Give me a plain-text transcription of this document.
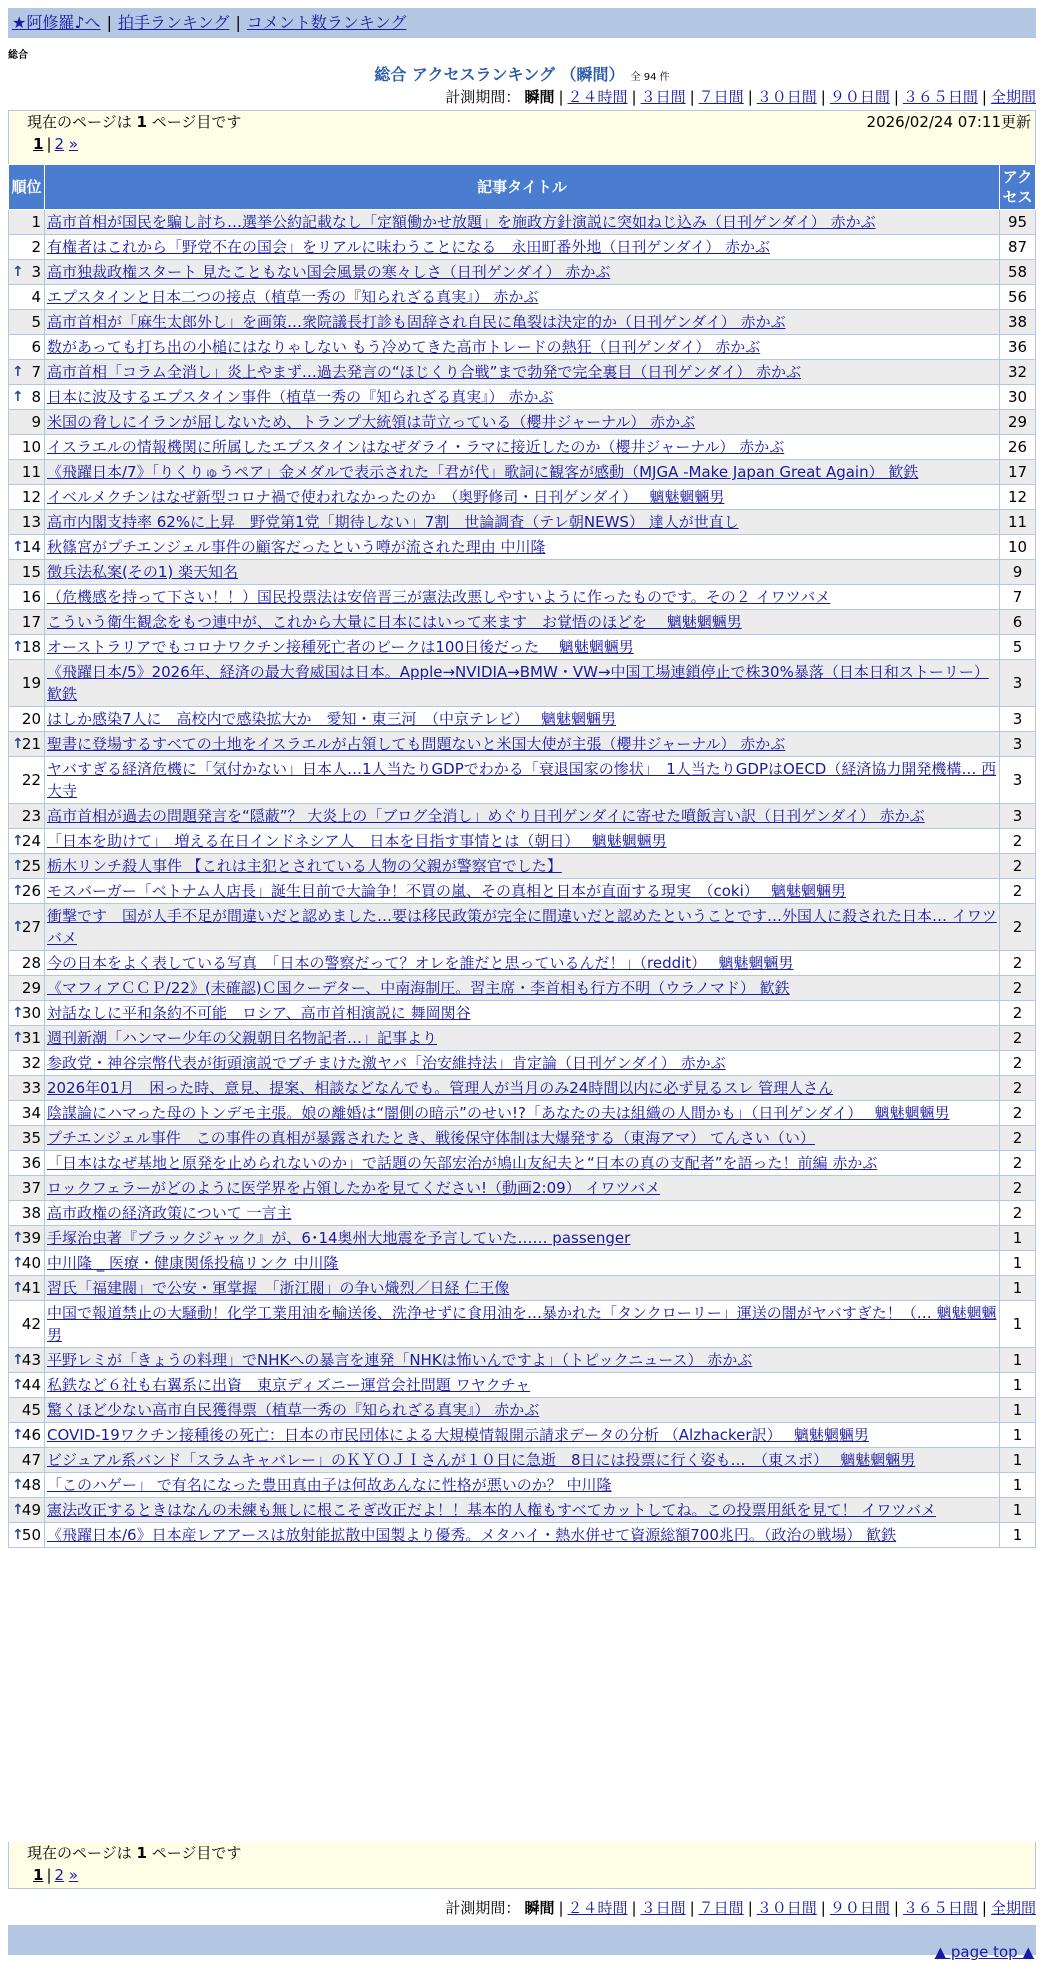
★阿修羅♪へ | 拍手ランキング | コメント数ランキング
総合
総合 アクセスランキング （瞬間） 全 94 件
計測期間： 瞬間 | ２４時間 | ３日間 | ７日間 | ３０日間 | ９０日間 | ３６５日間 | 全期間
現在のページは 1 ページ目です	2026/02/24 07:11更新
1 | 2 »
順位	記事タイトル	アクセス
1	高市首相が国民を騙し討ち…選挙公約記載なし「定額働かせ放題」を施政方針演説に突如ねじ込み（日刊ゲンダイ） 赤かぶ	95
2	有権者はこれから「野党不在の国会」をリアルに味わうことになる　永田町番外地（日刊ゲンダイ） 赤かぶ	87

↑ 3	高市独裁政権スタート 見たこともない国会風景の寒々しさ（日刊ゲンダイ） 赤かぶ	58
4	エプスタインと日本二つの接点（植草一秀の『知られざる真実』） 赤かぶ	56
5	高市首相が「麻生太郎外し」を画策…衆院議長打診も固辞され自民に亀裂は決定的か（日刊ゲンダイ） 赤かぶ	38
6	数があっても打ち出の小槌にはなりゃしない もう冷めてきた高市トレードの熱狂（日刊ゲンダイ） 赤かぶ	36

↑ 7	高市首相「コラム全消し」炎上やまず…過去発言の“ほじくり合戦”まで勃発で完全裏目（日刊ゲンダイ） 赤かぶ	32

↑ 8	日本に波及するエプスタイン事件（植草一秀の『知られざる真実』） 赤かぶ	30
9	米国の脅しにイランが屈しないため、トランプ大統領は苛立っている（櫻井ジャーナル） 赤かぶ	29
10	イスラエルの情報機関に所属したエプスタインはなぜダライ・ラマに接近したのか（櫻井ジャーナル） 赤かぶ	26
11	《飛躍日本/7》「りくりゅうペア」金メダルで表示された「君が代」歌詞に観客が感動（MJGA -Make Japan Great Again） 歓鉄	17
12	イベルメクチンはなぜ新型コロナ禍で使われなかったのか　（奥野修司・日刊ゲンダイ）　 魑魅魍魎男	12
13	高市内閣支持率 62%に上昇　野党第1党「期待しない」7割　世論調査（テレ朝NEWS） 達人が世直し	11

↑
14	秋篠宮がプチエンジェル事件の顧客だったという噂が流された理由 中川隆	10
15	徴兵法私案(その1) 楽天知名	9
16	（危機感を持って下さい！！）国民投票法は安倍晋三が憲法改悪しやすいように作ったものです。その２ イワツバメ	7
17	こういう衛生観念をもつ連中が、これから大量に日本にはいって来ます　お覚悟のほどを　 魑魅魍魎男	6

↑
18	オーストラリアでもコロナワクチン接種死亡者のピークは100日後だった　 魑魅魍魎男	5
19	《飛躍日本/5》2026年、経済の最大脅威国は日本。Apple→NVIDIA→BMW・VW→中国工場連鎖停止で株30%暴落（日本日和ストーリー） 歓鉄	3
20	はしか感染7人に　高校内で感染拡大か　愛知・東三河　（中京テレビ）　 魑魅魍魎男	3

↑
21	聖書に登場するすべての土地をイスラエルが占領しても問題ないと米国大使が主張（櫻井ジャーナル） 赤かぶ	3
22	ヤバすぎる経済危機に「気付かない」日本人…1人当たりGDPでわかる「衰退国家の惨状」　1人当たりGDPはOECD（経済協力開発機構… 西大寺	3
23	高市首相が過去の問題発言を“隠蔽”？ 大炎上の「ブログ全消し」めぐり日刊ゲンダイに寄せた噴飯言い訳（日刊ゲンダイ） 赤かぶ	3

↑
24	「日本を助けて」　増える在日インドネシア人　日本を目指す事情とは（朝日）　 魑魅魍魎男	2

↑
25	栃木リンチ殺人事件 【これは主犯とされている人物の父親が警察官でした】	2

↑
26	モスバーガー「ベトナム人店長」誕生目前で大論争！不買の嵐、その真相と日本が直面する現実　（coki）　 魑魅魍魎男	2

↑
27	衝撃です　国が人手不足が間違いだと認めました…要は移民政策が完全に間違いだと認めたということです…外国人に殺された日本… イワツバメ	2
28	今の日本をよく表している写真　「日本の警察だって？オレを誰だと思っているんだ！」（reddit）　 魑魅魍魎男	2
29	《マフィアＣＣＰ/22》(未確認)Ｃ国クーデター、中南海制圧。習主席・李首相も行方不明（ウラノマド） 歓鉄	2

↑
30	対話なしに平和条約不可能　ロシア、高市首相演説に 舞岡関谷	2

↑
31	週刊新潮「ハンマー少年の父親朝日名物記者…」記事より	2
32	参政党・神谷宗幣代表が街頭演説でブチまけた激ヤバ「治安維持法」肯定論（日刊ゲンダイ） 赤かぶ	2
33	2026年01月　困った時、意見、提案、相談などなんでも。管理人が当月のみ24時間以内に必ず見るスレ 管理人さん	2
34	陰謀論にハマった母のトンデモ主張。娘の離婚は“闇側の暗示”のせい!?「あなたの夫は組織の人間かも」（日刊ゲンダイ）　 魑魅魍魎男	2
35	プチエンジェル事件　この事件の真相が暴露されたとき、戦後保守体制は大爆発する（東海アマ） てんさい（い）	2
36	「日本はなぜ基地と原発を止められないのか」で話題の矢部宏治が鳩山友紀夫と“日本の真の支配者”を語った！前編 赤かぶ	2
37	ロックフェラーがどのように医学界を占領したかを見てください!（動画2:09） イワツバメ	2
38	高市政権の経済政策について 一言主	2

↑
39	手塚治虫著『ブラックジャック』が、6･14奥州大地震を予言していた…… passenger	1

↑
40	中川隆 _ 医療・健康関係投稿リンク 中川隆	1

↑
41	習氏「福建閥」で公安・軍掌握　「浙江閥」の争い熾烈／日経 仁王像	1
42	中国で報道禁止の大騒動！化学工業用油を輸送後、洗浄せずに食用油を…暴かれた「タンクローリー」運送の闇がヤバすぎた！（… 魑魅魍魎男	1

↑
43	平野レミが「きょうの料理」でNHKへの暴言を連発「NHKは怖いんですよ」（トピックニュース） 赤かぶ	1

↑
44	私鉄など６社も右翼系に出資　東京ディズニー運営会社問題 ワヤクチャ	1
45	驚くほど少ない高市自民獲得票（植草一秀の『知られざる真実』） 赤かぶ	1

↑
46	COVID-19ワクチン接種後の死亡：日本の市民団体による大規模情報開示請求データの分析 （Alzhacker訳）　 魑魅魍魎男	1
47	ビジュアル系バンド「スラムキャバレー」のＫＹＯＪＩさんが１０日に急逝　8日には投票に行く姿も…　（東スポ）　 魑魅魍魎男	1

↑
48	「このハゲー」 で有名になった豊田真由子は何故あんなに性格が悪いのか？ 中川隆	1

↑
49	憲法改正するときはなんの未練も無しに根こそぎ改正だよ！！基本的人権もすべてカットしてね。この投票用紙を見て！ イワツバメ	1

↑
50	《飛躍日本/6》日本産レアアースは放射能拡散中国製より優秀。メタハイ・熱水併せて資源総額700兆円。（政治の戦場） 歓鉄	1
現在のページは 1 ページ目です
1 | 2 »
計測期間： 瞬間 | ２４時間 | ３日間 | ７日間 | ３０日間 | ９０日間 | ３６５日間 | 全期間
▲ page top ▲
